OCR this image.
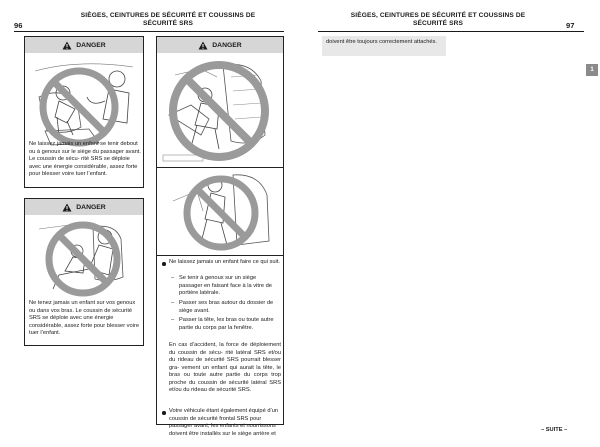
96
SIÈGES, CEINTURES DE SÉCURITÉ ET COUSSINS DE SÉCURITÉ SRS
DANGER
Ne laissez jamais un enfant se tenir debout ou à genoux sur le siège du passager avant. Le coussin de sécu- rité SRS se déploie avec une énergie considérable, assez forte pour blesser voire tuer l’enfant.
DANGER
Ne tenez jamais un enfant sur vos genoux ou dans vos bras. Le coussin de sécurité SRS se déploie avec une énergie considérable, assez forte pour blesser voire tuer l’enfant.
DANGER
Ne laissez jamais un enfant faire ce qui suit.
– Se tenir à genoux sur un siège passager en faisant face à la vitre de portière latérale.
– Passer ses bras autour du dossier de siège avant.
– Passer la tête, les bras ou toute autre partie du corps par la fenêtre.
En cas d’accident, la force de déploiement du coussin de sécu- rité latéral SRS et/ou du rideau de sécurité SRS pourrait blesser gra- vement un enfant qui aurait la tête, le bras ou toute autre partie du corps trop proche du coussin de sécurité latéral SRS et/ou du rideau de sécurité SRS.
Votre véhicule étant également équipé d’un coussin de sécurité frontal SRS pour passager avant, les enfants et nourrissons doivent être installés sur le siège arrière et
SIÈGES, CEINTURES DE SÉCURITÉ ET COUSSINS DE SÉCURITÉ SRS	97
doivent être toujours correctement attachés.
1
– SUITE –
